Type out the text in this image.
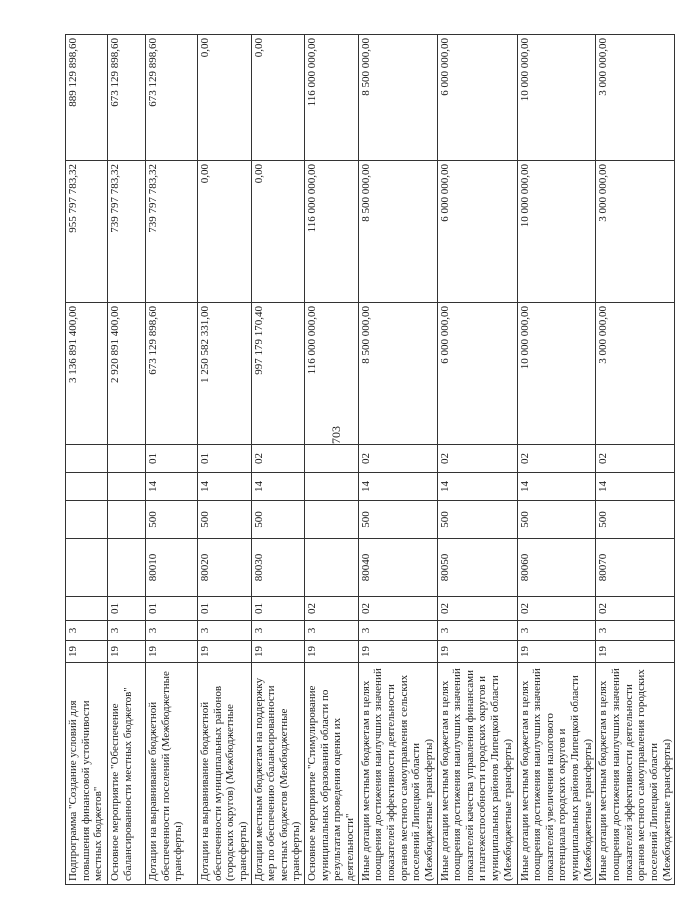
703
Подпрограмма "Создание условий для повышения финансовой устойчивости местных бюджетов"	19	3						3 136 891 400,00	955 797 783,32	889 129 898,60
Основное мероприятие "Обеспечение сбалансированности местных бюджетов"	19	3	01					2 920 891 400,00	739 797 783,32	673 129 898,60
Дотации на выравнивание бюджетной обеспеченности поселений (Межбюджетные трансферты)	19	3	01	80010	500	14	01	673 129 898,60	739 797 783,32	673 129 898,60
Дотации на выравнивание бюджетной обеспеченности муниципальных районов (городских округов) (Межбюджетные трансферты)	19	3	01	80020	500	14	01	1 250 582 331,00	0,00	0,00
Дотации местным бюджетам на поддержку мер по обеспечению сбалансированности местных бюджетов (Межбюджетные трансферты)	19	3	01	80030	500	14	02	997 179 170,40	0,00	0,00
Основное мероприятие "Стимулирование муниципальных образований области по результатам проведения оценки их деятельности"	19	3	02					116 000 000,00	116 000 000,00	116 000 000,00
Иные дотации местным бюджетам в целях поощрения достижения наилучших значений показателей эффективности деятельности органов местного самоуправления сельских поселений Липецкой области (Межбюджетные трансферты)	19	3	02	80040	500	14	02	8 500 000,00	8 500 000,00	8 500 000,00
Иные дотации местным бюджетам в целях поощрения достижения наилучших значений показателей качества управления финансами и платежеспособности городских округов и муниципальных районов Липецкой области (Межбюджетные трансферты)	19	3	02	80050	500	14	02	6 000 000,00	6 000 000,00	6 000 000,00
Иные дотации местным бюджетам в целях поощрения достижения наилучших значений показателей увеличения налогового потенциала городских округов и муниципальных районов Липецкой области (Межбюджетные трансферты)	19	3	02	80060	500	14	02	10 000 000,00	10 000 000,00	10 000 000,00
Иные дотации местным бюджетам в целях поощрения достижения наилучших значений показателей эффективности деятельности органов местного самоуправления городских поселений Липецкой области (Межбюджетные трансферты)	19	3	02	80070	500	14	02	3 000 000,00	3 000 000,00	3 000 000,00
